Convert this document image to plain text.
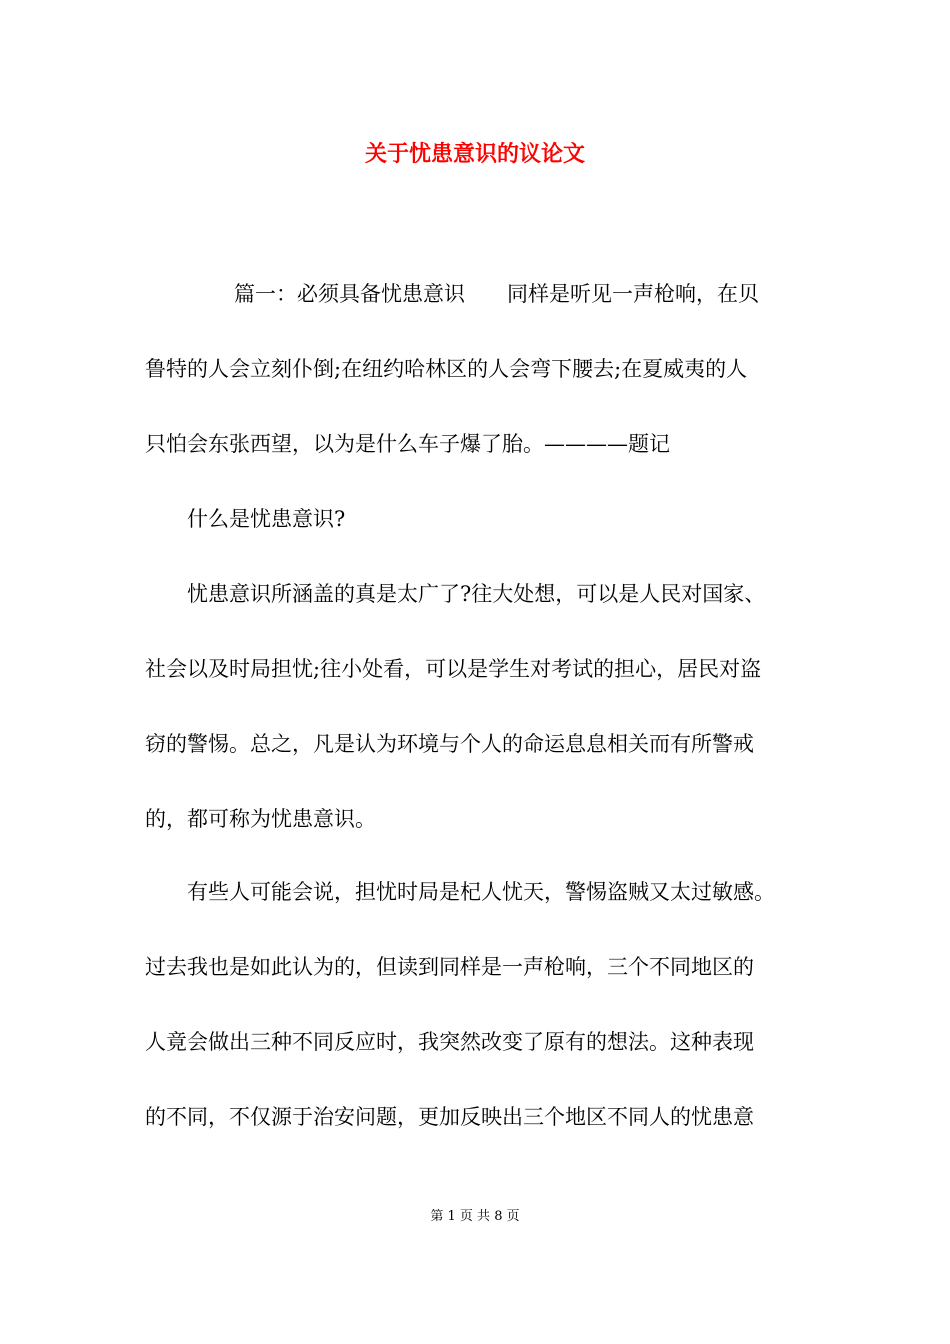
关于忧患意识的议论文
　　篇一：必须具备忧患意识　　同样是听见一声枪响，在贝
鲁特的人会立刻仆倒;在纽约哈林区的人会弯下腰去;在夏威夷的人
只怕会东张西望，以为是什么车子爆了胎。————题记
　　什么是忧患意识?
　　忧患意识所涵盖的真是太广了?往大处想，可以是人民对国家、
社会以及时局担忧;往小处看，可以是学生对考试的担心，居民对盗
窃的警惕。总之，凡是认为环境与个人的命运息息相关而有所警戒
的，都可称为忧患意识。
　　有些人可能会说，担忧时局是杞人忧天，警惕盗贼又太过敏感。
过去我也是如此认为的，但读到同样是一声枪响，三个不同地区的
人竟会做出三种不同反应时，我突然改变了原有的想法。这种表现
的不同，不仅源于治安问题，更加反映出三个地区不同人的忧患意

第 1 页 共 8 页
